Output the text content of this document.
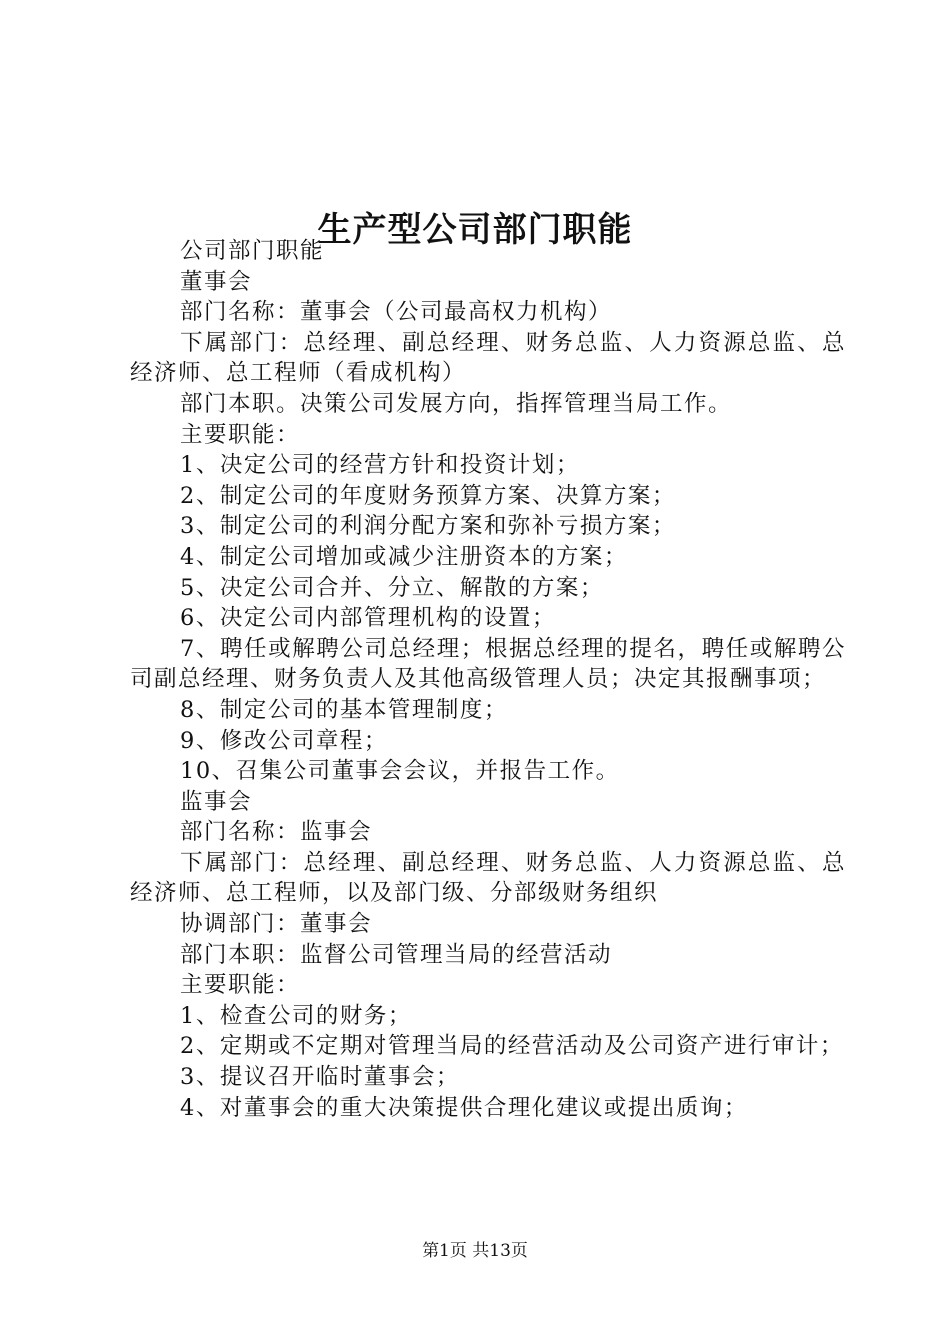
生产型公司部门职能

公司部门职能

董事会

部门名称：董事会（公司最高权力机构）

下属部门：总经理、副总经理、财务总监、人力资源总监、总经济师、总工程师（看成机构）

部门本职。决策公司发展方向，指挥管理当局工作。

主要职能：

1、决定公司的经营方针和投资计划；

2、制定公司的年度财务预算方案、决算方案；

3、制定公司的利润分配方案和弥补亏损方案；

4、制定公司增加或减少注册资本的方案；

5、决定公司合并、分立、解散的方案；

6、决定公司内部管理机构的设置；

7、聘任或解聘公司总经理；根据总经理的提名，聘任或解聘公司副总经理、财务负责人及其他高级管理人员；决定其报酬事项；

8、制定公司的基本管理制度；

9、修改公司章程；

10、召集公司董事会会议，并报告工作。

监事会

部门名称：监事会

下属部门：总经理、副总经理、财务总监、人力资源总监、总经济师、总工程师，以及部门级、分部级财务组织

协调部门：董事会

部门本职：监督公司管理当局的经营活动

主要职能：

1、检查公司的财务；

2、定期或不定期对管理当局的经营活动及公司资产进行审计；

3、提议召开临时董事会；

4、对董事会的重大决策提供合理化建议或提出质询；

第1页 共13页
